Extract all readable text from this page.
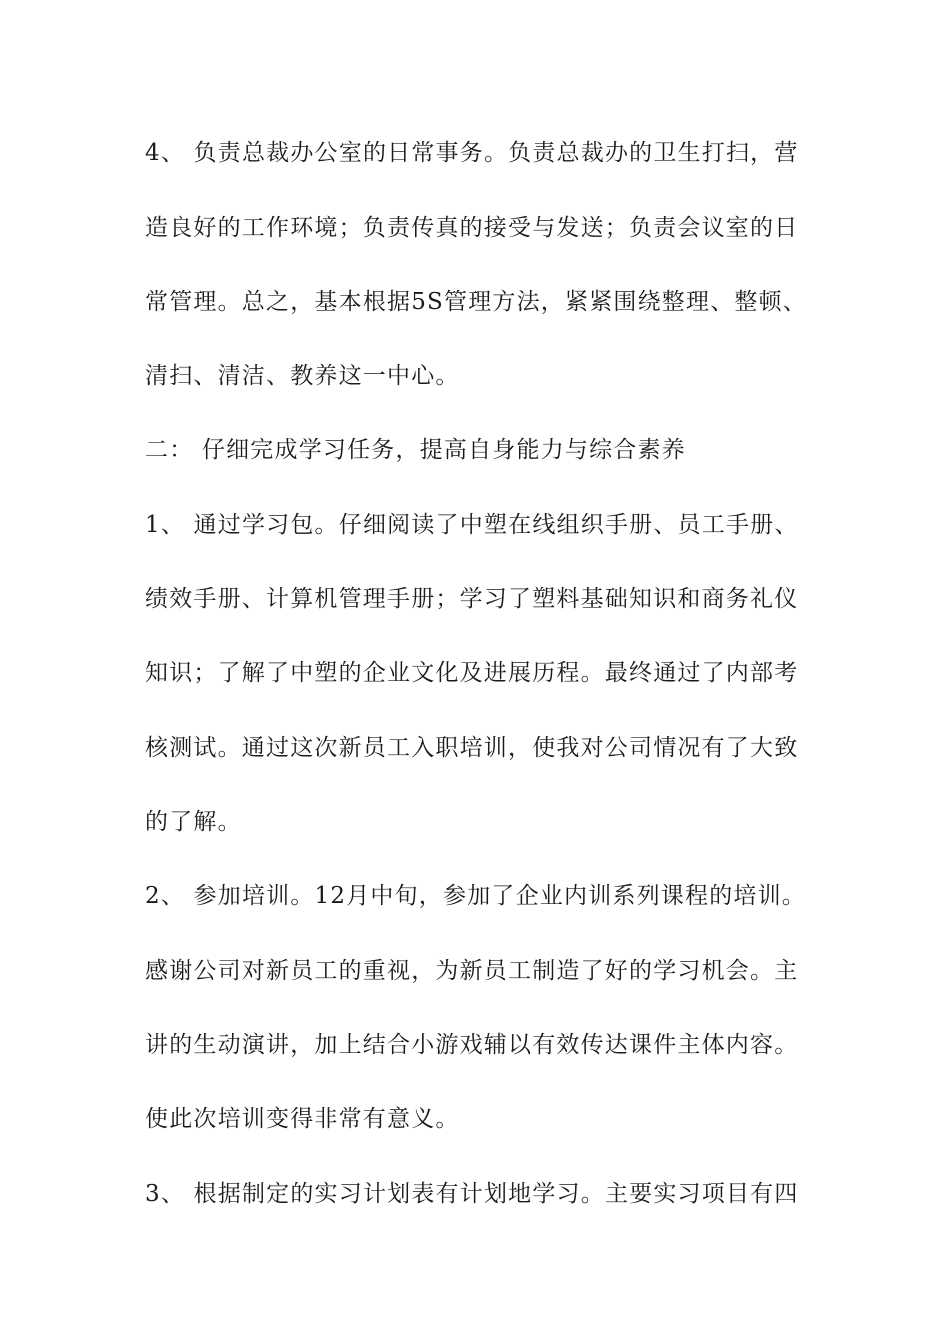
4、 负责总裁办公室的日常事务。负责总裁办的卫生打扫，营
造良好的工作环境；负责传真的接受与发送；负责会议室的日
常管理。总之，基本根据5S管理方法，紧紧围绕整理、整顿、
清扫、清洁、教养这一中心。
二： 仔细完成学习任务，提高自身能力与综合素养
1、 通过学习包。仔细阅读了中塑在线组织手册、员工手册、
绩效手册、计算机管理手册；学习了塑料基础知识和商务礼仪
知识；了解了中塑的企业文化及进展历程。最终通过了内部考
核测试。通过这次新员工入职培训，使我对公司情况有了大致
的了解。
2、 参加培训。12月中旬，参加了企业内训系列课程的培训。
感谢公司对新员工的重视，为新员工制造了好的学习机会。主
讲的生动演讲，加上结合小游戏辅以有效传达课件主体内容。
使此次培训变得非常有意义。
3、 根据制定的实习计划表有计划地学习。主要实习项目有四
